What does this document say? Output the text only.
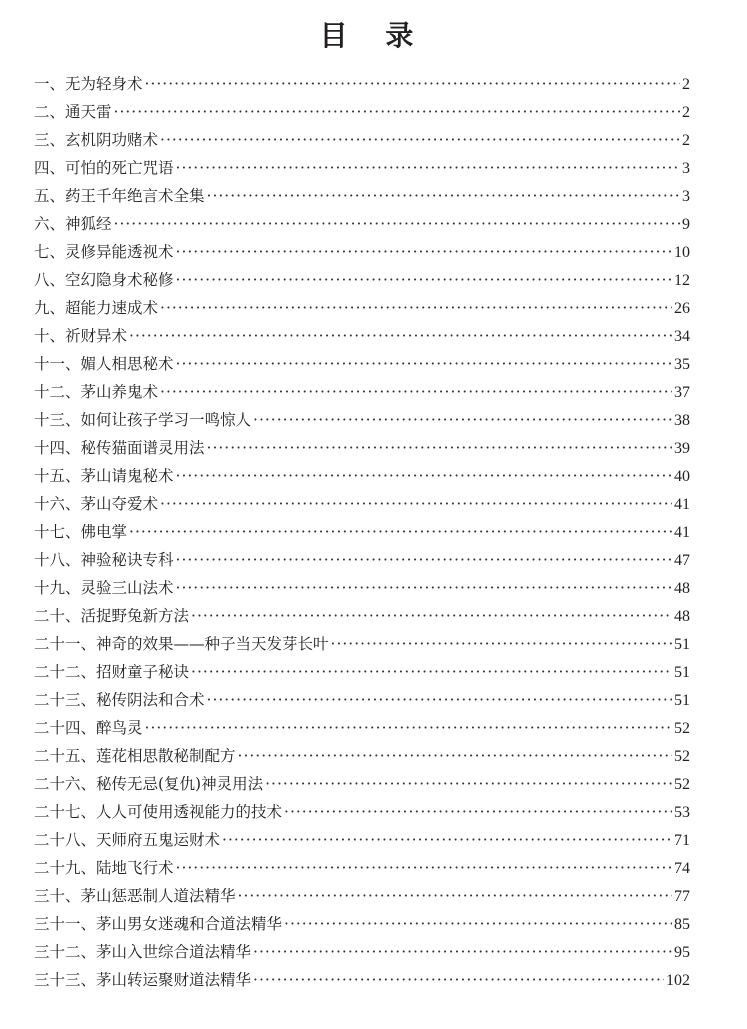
目 录
一、无为轻身术 ·····	2
二、通天雷 ·····	2
三、玄机阴功赌术 ·····	2
四、可怕的死亡咒语 ·····	3
五、药王千年绝言术全集 ·····	3
六、神狐经 ·····	9
七、灵修异能透视术 ·····	10
八、空幻隐身术秘修 ·····	12
九、超能力速成术 ·····	26
十、祈财异术 ·····	34
十一、媚人相思秘术 ·····	35
十二、茅山养鬼术 ·····	37
十三、如何让孩子学习一鸣惊人 ·····	38
十四、秘传猫面谱灵用法 ·····	39
十五、茅山请鬼秘术 ·····	40
十六、茅山夺爱术 ·····	41
十七、佛电掌 ·····	41
十八、神验秘诀专科 ·····	47
十九、灵验三山法术 ·····	48
二十、活捉野兔新方法 ·····	48
二十一、神奇的效果——种子当天发芽长叶 ·····	51
二十二、招财童子秘诀 ·····	51
二十三、秘传阴法和合术 ·····	51
二十四、醉鸟灵 ·····	52
二十五、莲花相思散秘制配方 ·····	52
二十六、秘传无忌(复仇)神灵用法 ·····	52
二十七、人人可使用透视能力的技术 ·····	53
二十八、天师府五鬼运财术 ·····	71
二十九、陆地飞行术 ·····	74
三十、茅山惩恶制人道法精华 ·····	77
三十一、茅山男女迷魂和合道法精华 ·····	85
三十二、茅山入世综合道法精华 ·····	95
三十三、茅山转运聚财道法精华 ·····	102
